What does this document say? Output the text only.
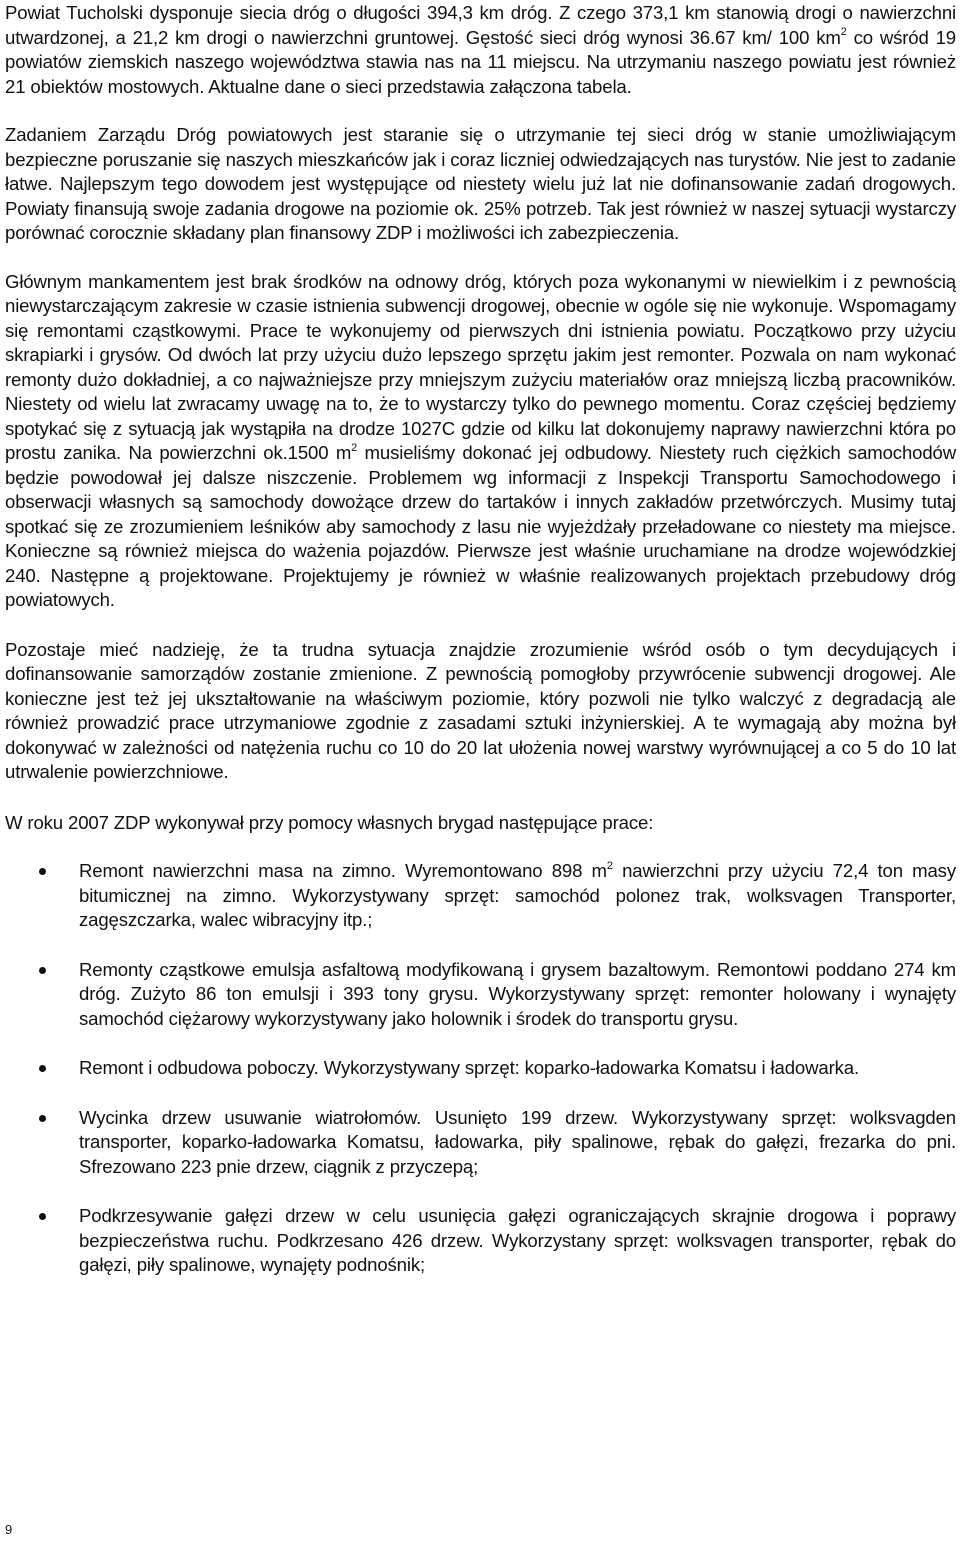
Powiat Tucholski dysponuje siecia dróg o długości 394,3 km dróg. Z czego 373,1 km stanowią drogi o nawierzchni utwardzonej, a 21,2 km drogi o nawierzchni gruntowej. Gęstość sieci dróg wynosi 36.67 km/ 100 $km^2$ co wśród 19 powiatów ziemskich naszego województwa stawia nas na 11 miejscu. Na utrzymaniu naszego powiatu jest również 21 obiektów mostowych. Aktualne dane o sieci przedstawia załączona tabela.

Zadaniem Zarządu Dróg powiatowych jest staranie się o utrzymanie tej sieci dróg w stanie umożliwiającym bezpieczne poruszanie się naszych mieszkańców jak i coraz liczniej odwiedzających nas turystów. Nie jest to zadanie łatwe. Najlepszym tego dowodem jest występujące od niestety wielu już lat nie dofinansowanie zadań drogowych. Powiaty finansują swoje zadania drogowe na poziomie ok. 25% potrzeb. Tak jest również w naszej sytuacji wystarczy porównać corocznie składany plan finansowy ZDP i możliwości ich zabezpieczenia.

Głównym mankamentem jest brak środków na odnowy dróg, których poza wykonanymi w niewielkim i z pewnością niewystarczającym zakresie w czasie istnienia subwencji drogowej, obecnie w ogóle się nie wykonuje. Wspomagamy się remontami cząstkowymi. Prace te wykonujemy od pierwszych dni istnienia powiatu. Początkowo przy użyciu skrapiarki i grysów. Od dwóch lat przy użyciu dużo lepszego sprzętu jakim jest remonter. Pozwala on nam wykonać remonty dużo dokładniej, a co najważniejsze przy mniejszym zużyciu materiałów oraz mniejszą liczbą pracowników. Niestety od wielu lat zwracamy uwagę na to, że to wystarczy tylko do pewnego momentu. Coraz częściej będziemy spotykać się z sytuacją jak wystąpiła na drodze 1027C gdzie od kilku lat dokonujemy naprawy nawierzchni która po prostu zanika. Na powierzchni ok.1500 $m^2$ musieliśmy dokonać jej odbudowy. Niestety ruch ciężkich samochodów będzie powodował jej dalsze niszczenie. Problemem wg informacji z Inspekcji Transportu Samochodowego i obserwacji własnych są samochody dowożące drzew do tartaków i innych zakładów przetwórczych. Musimy tutaj spotkać się ze zrozumieniem leśników aby samochody z lasu nie wyjeżdżały przeładowane co niestety ma miejsce. Konieczne są również miejsca do ważenia pojazdów. Pierwsze jest właśnie uruchamiane na drodze wojewódzkiej 240. Następne ą projektowane. Projektujemy je również w właśnie realizowanych projektach przebudowy dróg powiatowych.

Pozostaje mieć nadzieję, że ta trudna sytuacja znajdzie zrozumienie wśród osób o tym decydujących i dofinansowanie samorządów zostanie zmienione. Z pewnością pomogłoby przywrócenie subwencji drogowej. Ale konieczne jest też jej ukształtowanie na właściwym poziomie, który pozwoli nie tylko walczyć z degradacją ale również prowadzić prace utrzymaniowe zgodnie z zasadami sztuki inżynierskiej. A te wymagają aby można był dokonywać w zależności od natężenia ruchu co 10 do 20 lat ułożenia nowej warstwy wyrównującej a co 5 do 10 lat utrwalenie powierzchniowe.

W roku 2007 ZDP wykonywał przy pomocy własnych brygad następujące prace:

Remont nawierzchni masa na zimno. Wyremontowano 898 $m^2$ nawierzchni przy użyciu 72,4 ton masy bitumicznej na zimno. Wykorzystywany sprzęt: samochód polonez trak, wolksvagen Transporter, zagęszczarka, walec wibracyjny itp.;

Remonty cząstkowe emulsja asfaltową modyfikowaną i grysem bazaltowym. Remontowi poddano 274 km dróg. Zużyto 86 ton emulsji i 393 tony grysu. Wykorzystywany sprzęt: remonter holowany i wynajęty samochód ciężarowy wykorzystywany jako holownik i środek do transportu grysu.

Remont i odbudowa poboczy. Wykorzystywany sprzęt: koparko-ładowarka Komatsu i ładowarka.

Wycinka drzew usuwanie wiatrołomów. Usunięto 199 drzew. Wykorzystywany sprzęt: wolksvagden transporter, koparko-ładowarka Komatsu, ładowarka, piły spalinowe, rębak do gałęzi, frezarka do pni. Sfrezowano 223 pnie drzew, ciągnik z przyczepą;

Podkrzesywanie gałęzi drzew w celu usunięcia gałęzi ograniczających skrajnie drogowa i poprawy bezpieczeństwa ruchu. Podkrzesano 426 drzew. Wykorzystany sprzęt: wolksvagen transporter, rębak do gałęzi, piły spalinowe, wynajęty podnośnik;

9
